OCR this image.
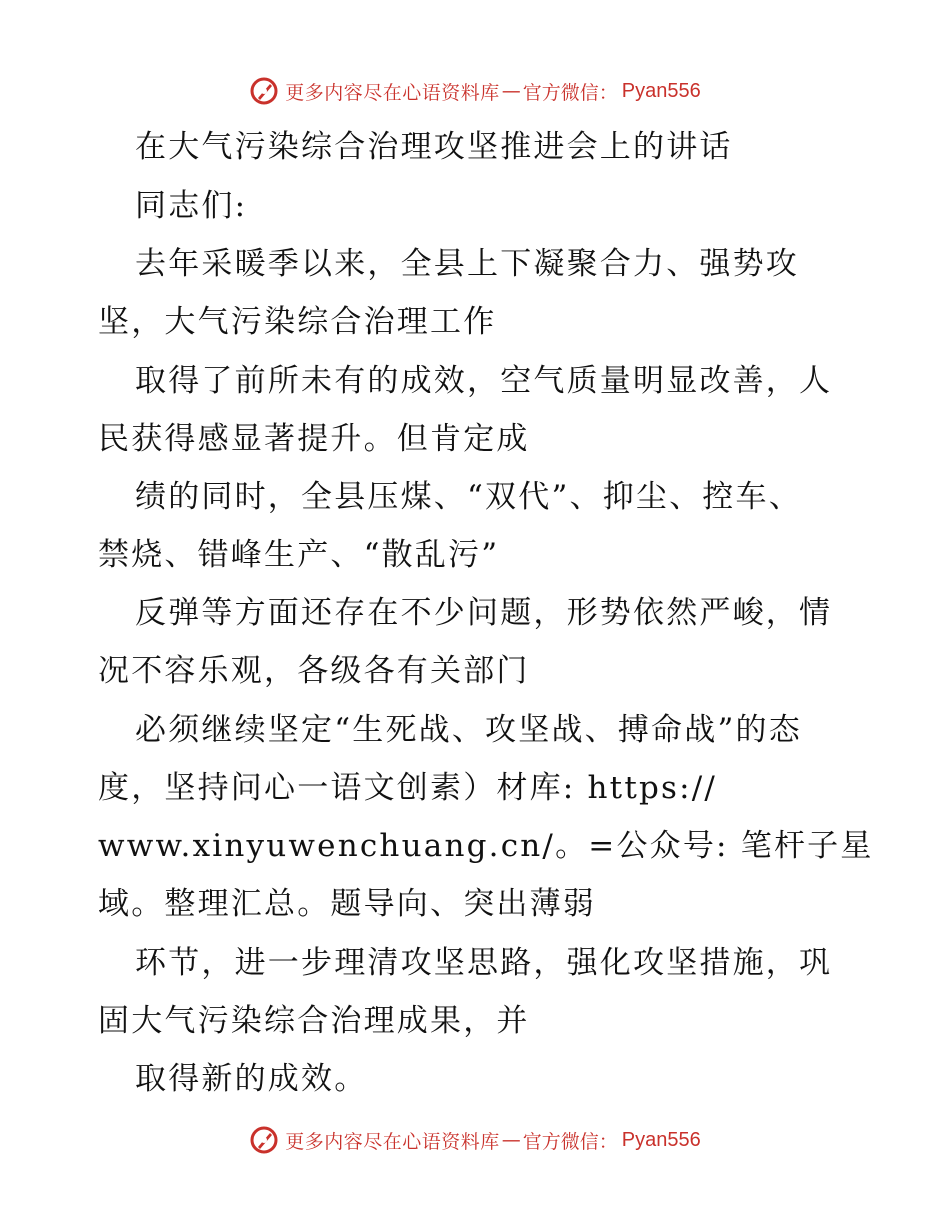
更多内容尽在心语资料库 — 官方微信： Pyan556
在大气污染综合治理攻坚推进会上的讲话
同志们:
去年采暖季以来，全县上下凝聚合力、强势攻
坚，大气污染综合治理工作
取得了前所未有的成效，空气质量明显改善，人
民获得感显著提升。但肯定成
绩的同时，全县压煤、“双代”、抑尘、控车、
禁烧、错峰生产、“散乱污”
反弹等方面还存在不少问题，形势依然严峻，情
况不容乐观，各级各有关部门
必须继续坚定“生死战、攻坚战、搏命战”的态
度，坚持问心一语文创素）材库: https://
www.xinyuwenchuang.cn/。=公众号: 笔杆子星
域。整理汇总。题导向、突出薄弱
环节，进一步理清攻坚思路，强化攻坚措施，巩
固大气污染综合治理成果，并
取得新的成效。
更多内容尽在心语资料库 — 官方微信： Pyan556
